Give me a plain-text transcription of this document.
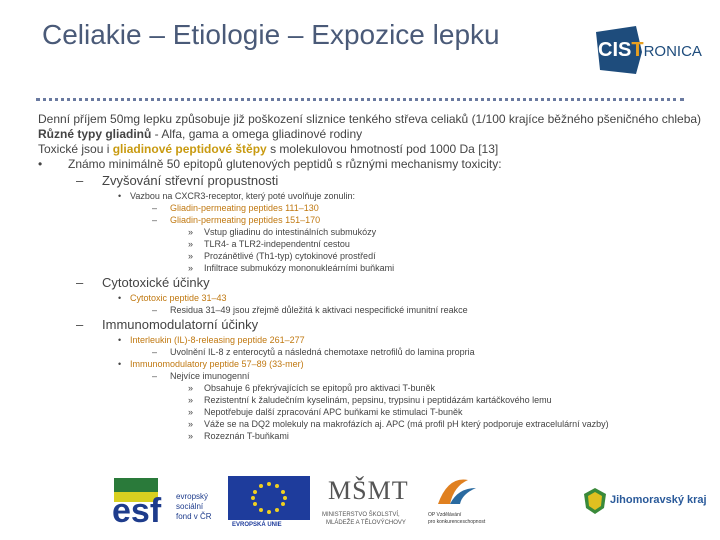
Celiakie – Etiologie – Expozice lepku	CISTRONICA
Denní příjem 50mg lepku způsobuje již poškození sliznice tenkého střeva celiaků (1/100 krajíce běžného pšeničného chleba)
Různé typy gliadinů - Alfa, gama a omega gliadinové rodiny
Toxické jsou i gliadinové peptidové štěpy s molekulovou hmotností pod 1000 Da [13]
• Známo minimálně 50 epitopů glutenových peptidů s různými mechanismy toxicity:
– Zvyšování střevní propustnosti
• Vazbou na CXCR3-receptor, který poté uvolňuje zonulin:
– Gliadin-permeating peptides 111–130
– Gliadin-permeating peptides 151–170
» Vstup gliadinu do intestinálních submukózy
» TLR4- a TLR2-independentní cestou
» Prozánětlivé (Th1-typ) cytokinové prostředí
» Infiltrace submukózy mononukleárními buňkami
– Cytotoxické účinky
• Cytotoxic peptide 31–43
– Residua 31–49 jsou zřejmě důležitá k aktivaci nespecifické imunitní reakce
– Immunomodulatorní účinky
• Interleukin (IL)-8-releasing peptide 261–277
– Uvolnění IL-8 z enterocytů a následná chemotaxe netrofilů do lamina propria
• Immunomodulatory peptide 57–89 (33-mer)
– Nejvíce imunogenní
» Obsahuje 6 překrývajících se epitopů pro aktivaci T-buněk
» Rezistentní k žaludečním kyselinám, pepsinu, trypsinu i peptidázám kartáčkového lemu
» Nepotřebuje další zpracování APC buňkami ke stimulaci T-buněk
» Váže se na DQ2 molekuly na makrofázích aj. APC (má profil pH který podporuje extracelulární vazby)
» Rozeznán T-buňkami
esf evropský
sociální
fond v ČR
EVROPSKÁ UNIE
MŠMT
MINISTERSTVO ŠKOLSTVÍ,
MLÁDEŽE A TĚLOVÝCHOVY
OP Vzdělávání
pro konkurenceschopnost
Jihomoravský kraj
